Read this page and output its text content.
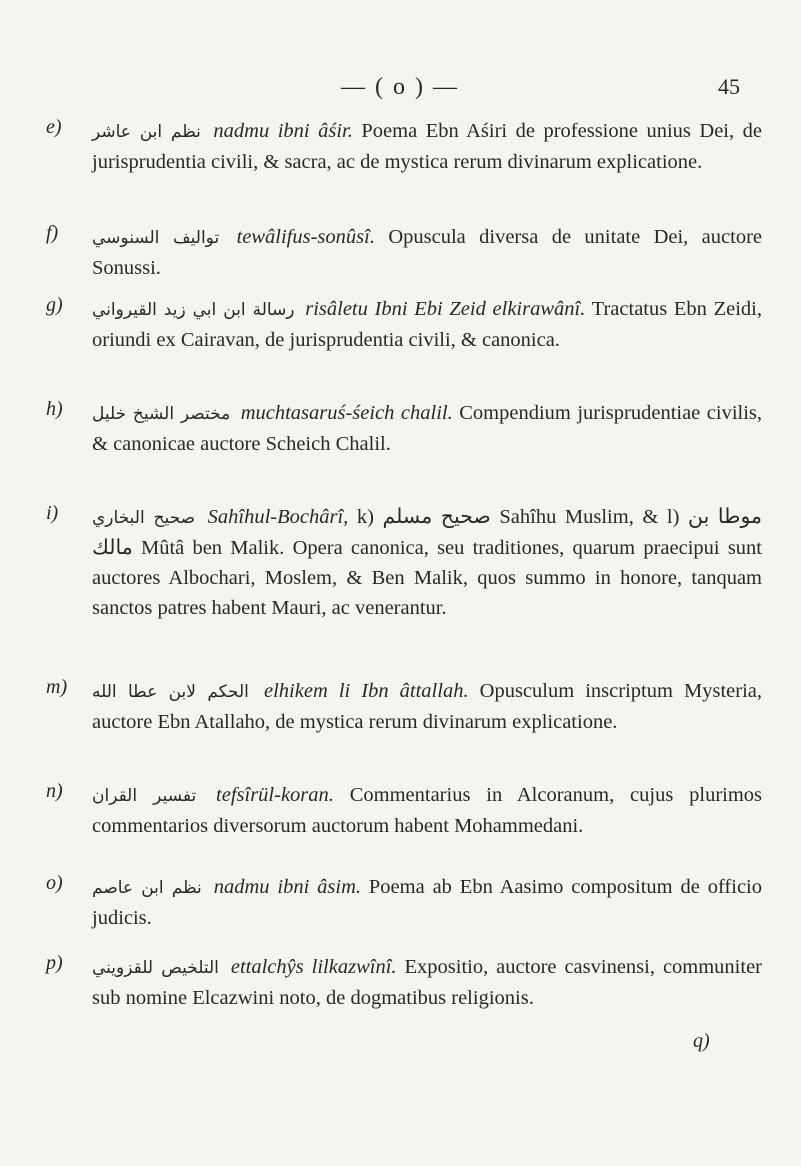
— ( o ) —	45
e) نظم ابن عاشر nadmu ibni âśir. Poema Ebn Aśiri de professione unius Dei, de jurisprudentia civili, & sacra, ac de mystica rerum divinarum explicatione.
f) تواليف السنوسي tewâlifus-sonûsî. Opuscula diversa de unitate Dei, auctore Sonussi.
g) رسالة ابن ابي زيد القيرواني risâletu Ibni Ebi Zeid elkirawânî. Tractatus Ebn Zeidi, oriundi ex Cairavan, de jurisprudentia civili, & canonica.
h) مختصر الشيخ خليل muchtasaruś-śeich chalil. Compendium jurisprudentiae civilis, & canonicae auctore Scheich Chalil.
i) صحيح البخاري Sahîhul-Bochârî, k) صحيح مسلم Sahîhu Muslim, & l) موطا بن مالك Mûtâ ben Malik. Opera canonica, seu traditiones, quarum praecipui sunt auctores Albochari, Moslem, & Ben Malik, quos summo in honore, tanquam sanctos patres habent Mauri, ac venerantur.
m) الحكم لابن عطا الله elhikem li Ibn âttallah. Opusculum inscriptum Mysteria, auctore Ebn Atallaho, de mystica rerum divinarum explicatione.
n) تفسير القران tefsîrül-koran. Commentarius in Alcoranum, cujus plurimos commentarios diversorum auctorum habent Mohammedani.
o) نظم ابن عاصم nadmu ibni âsim. Poema ab Ebn Aasimo compositum de officio judicis.
p) التلخيص للقزويني ettalchŷs lilkazwînî. Expositio, auctore casvinensi, communiter sub nomine Elcazwini noto, de dogmatibus religionis.
q)
